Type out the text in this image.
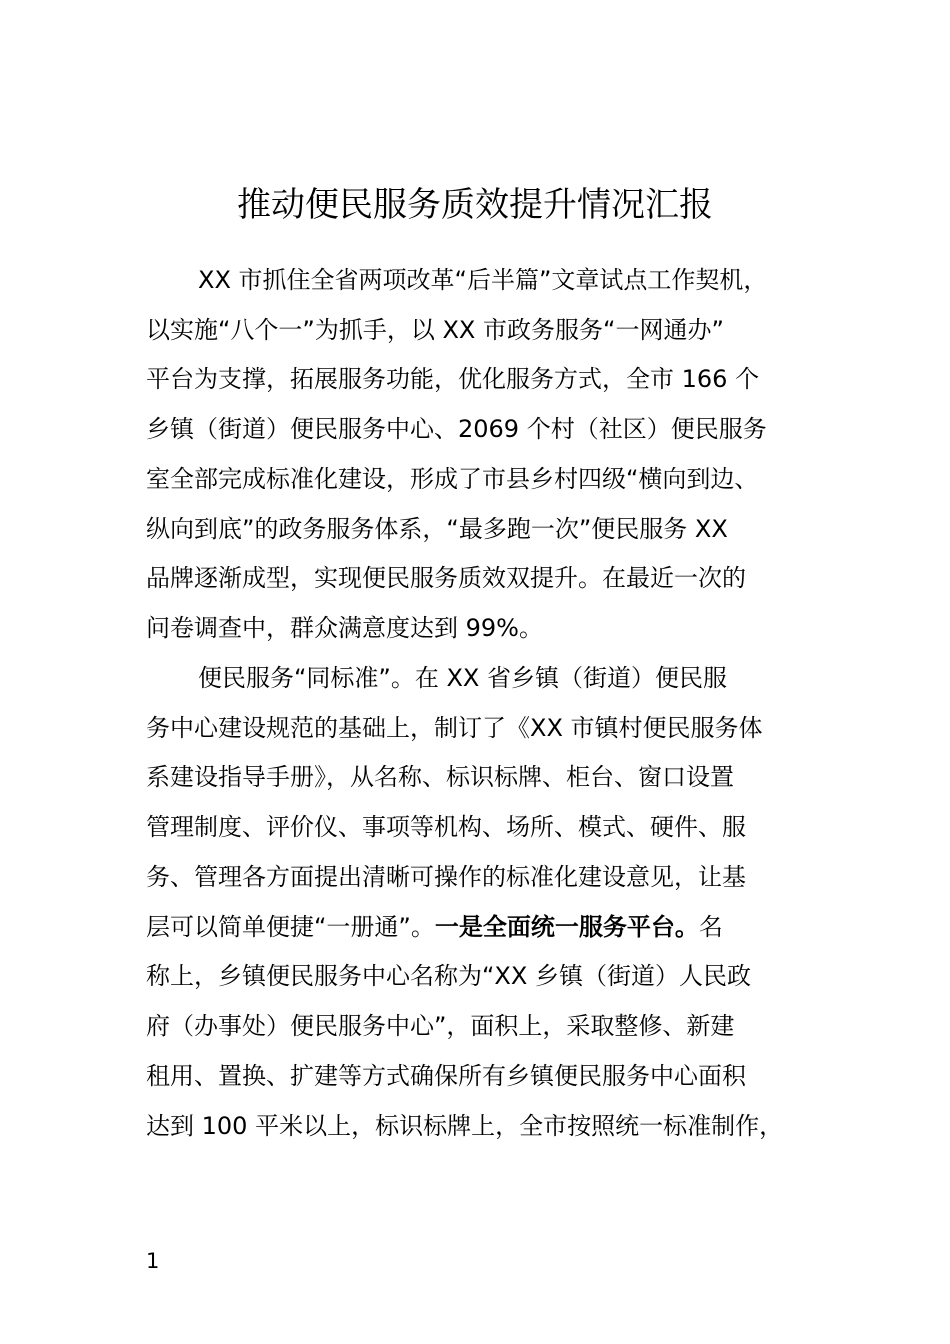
推动便民服务质效提升情况汇报

XX 市抓住全省两项改革“后半篇”文章试点工作契机，

以实施“八个一”为抓手，以 XX 市政务服务“一网通办”

平台为支撑，拓展服务功能，优化服务方式，全市 166 个

乡镇（街道）便民服务中心、2069 个村（社区）便民服务

室全部完成标准化建设，形成了市县乡村四级“横向到边、

纵向到底”的政务服务体系，“最多跑一次”便民服务 XX

品牌逐渐成型，实现便民服务质效双提升。在最近一次的

问卷调查中，群众满意度达到 99%。

便民服务“同标准”。在 XX 省乡镇（街道）便民服

务中心建设规范的基础上，制订了《XX 市镇村便民服务体

系建设指导手册》，从名称、标识标牌、柜台、窗口设置

管理制度、评价仪、事项等机构、场所、模式、硬件、服

务、管理各方面提出清晰可操作的标准化建设意见，让基

层可以简单便捷“一册通”。一是全面统一服务平台。名

称上，乡镇便民服务中心名称为“XX 乡镇（街道）人民政

府（办事处）便民服务中心”，面积上，采取整修、新建

租用、置换、扩建等方式确保所有乡镇便民服务中心面积

达到 100 平米以上，标识标牌上，全市按照统一标准制作，

1
